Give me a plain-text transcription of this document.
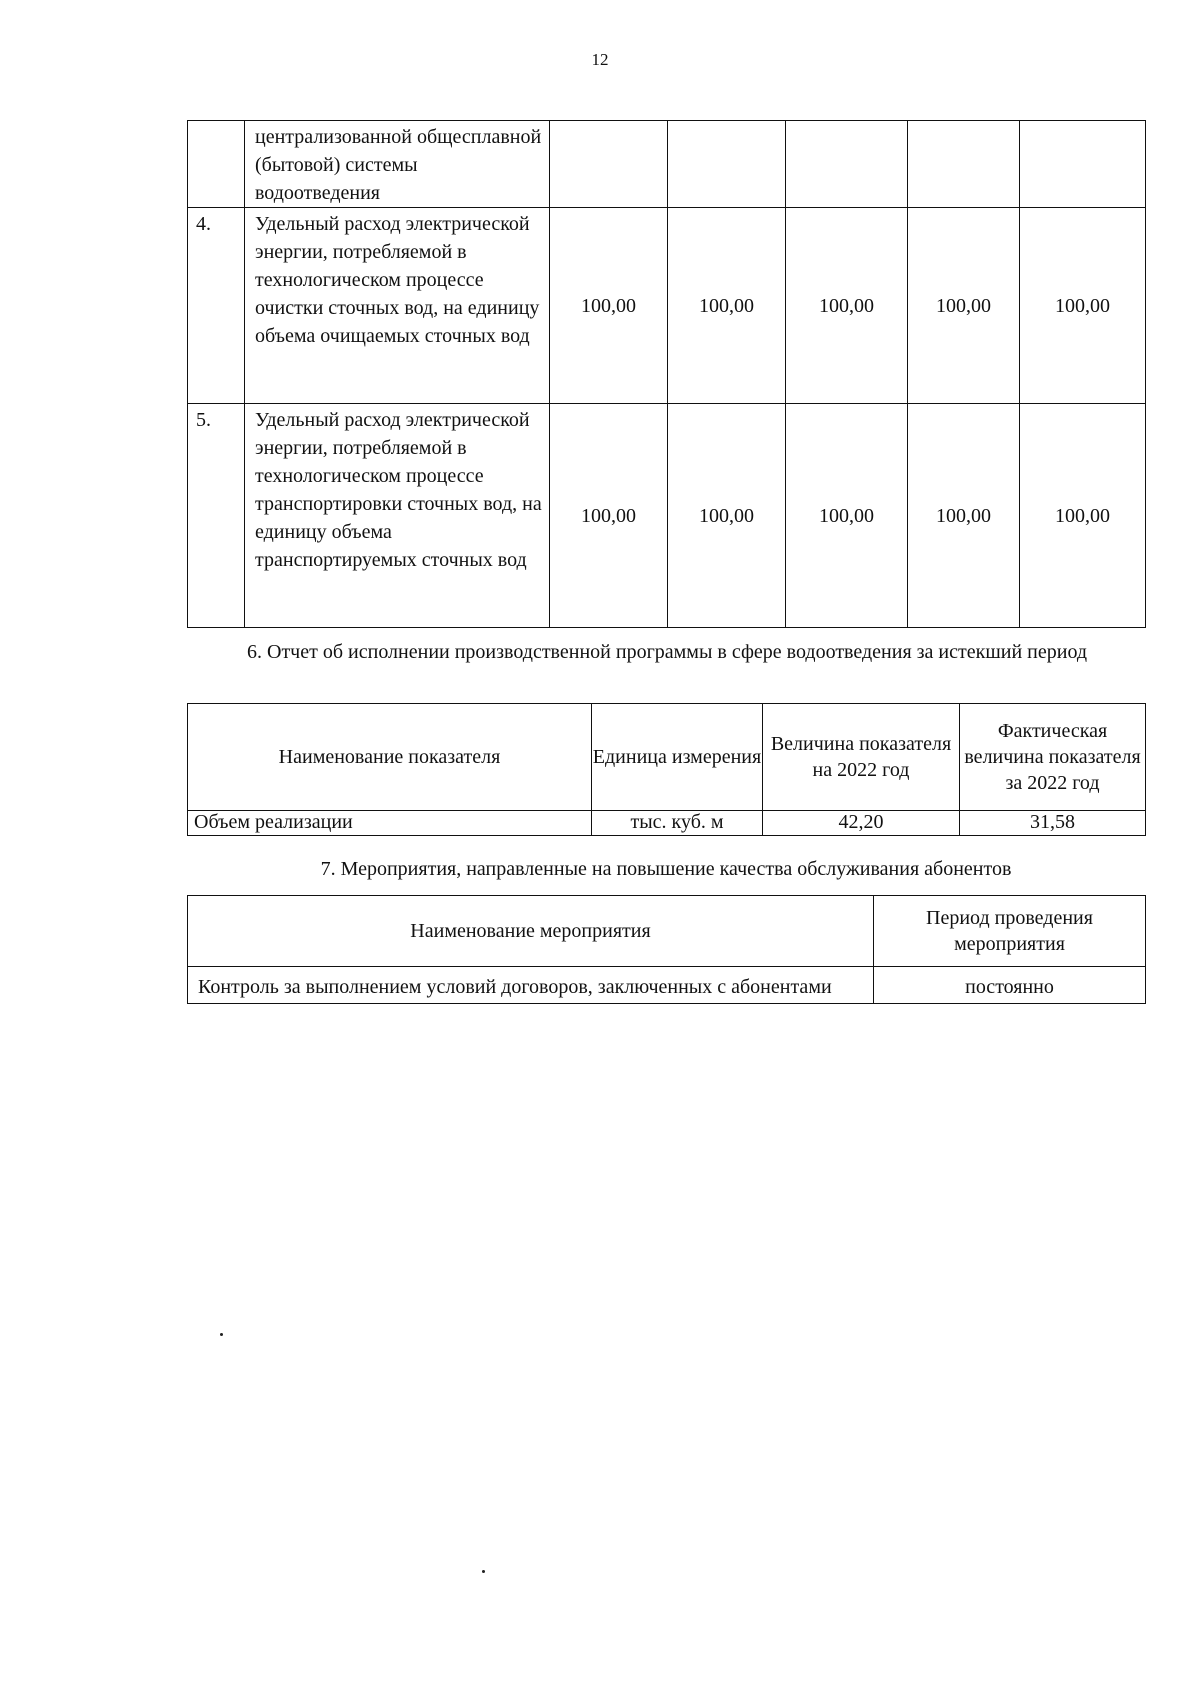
12
	централизованной общесплавной (бытовой) системы водоотведения					
4.	Удельный расход электрической энергии, потребляемой в технологическом процессе очистки сточных вод, на единицу объема очищаемых сточных вод	100,00	100,00	100,00	100,00	100,00
5.	Удельный расход электрической энергии, потребляемой в технологическом процессе транспортировки сточных вод, на единицу объема транспортируемых сточных вод	100,00	100,00	100,00	100,00	100,00
6. Отчет об исполнении производственной программы в сфере водоотведения за истекший период
Наименование показателя	Единица измерения	Величина показателя на 2022 год	Фактическая величина показателя за 2022 год
Объем реализации	тыс. куб. м	42,20	31,58
7. Мероприятия, направленные на повышение качества обслуживания абонентов
Наименование мероприятия	Период проведения мероприятия
Контроль за выполнением условий договоров, заключенных с абонентами	постоянно
